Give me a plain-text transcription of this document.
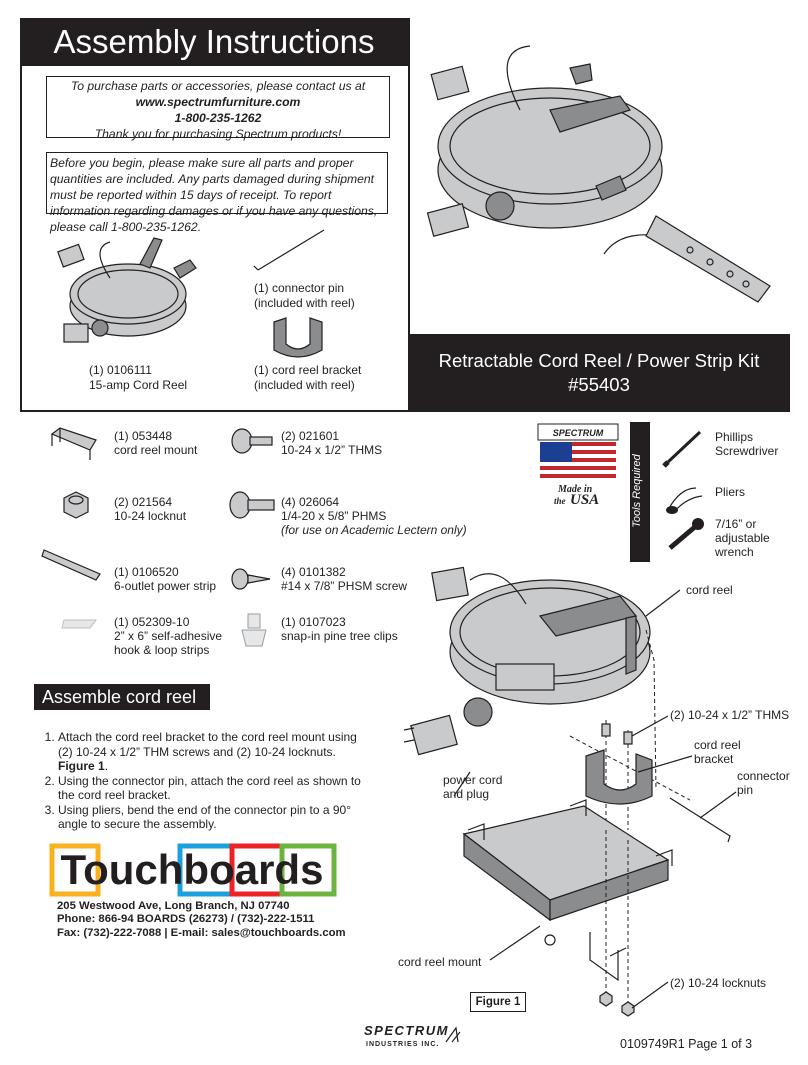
Assembly Instructions
To purchase parts or accessories, please contact us at
www.spectrumfurniture.com
1-800-235-1262
Thank you for purchasing Spectrum products!
Before you begin, please make sure all parts and proper quantities are included. Any parts damaged during shipment must be reported within 15 days of receipt. To report information regarding damages or if you have any questions, please call 1-800-235-1262.
(1) 0106111
15-amp Cord Reel
(1) connector pin
(included with reel)
(1) cord reel bracket
(included with reel)
Retractable Cord Reel / Power Strip Kit
#55403
(1) 053448
cord reel mount
(2) 021601
10-24 x 1/2” THMS
(2) 021564
10-24 locknut
(4) 026064
1/4-20 x 5/8” PHMS
(for use on Academic Lectern only)
(1) 0106520
6-outlet power strip
(4) 0101382
#14 x 7/8” PHSM screw
(1) 052309-10
2” x 6” self-adhesive
hook & loop strips
(1) 0107023
snap-in pine tree clips
SPECTRUM
Made in
the USA	Tools Required
Phillips Screwdriver
Pliers
7/16” or adjustable wrench
Assemble cord reel
1. Attach the cord reel bracket to the cord reel mount using (2) 10-24 x 1/2” THM screws and (2) 10-24 locknuts. Figure 1.
2. Using the connector pin, attach the cord reel as shown to the cord reel bracket.
3. Using pliers, bend the end of the connector pin to a 90° angle to secure the assembly.
Touchboards
205 Westwood Ave, Long Branch, NJ 07740
Phone: 866-94 BOARDS (26273) / (732)-222-1511
Fax: (732)-222-7088 | E-mail: sales@touchboards.com
cord reel
(2) 10-24 x 1/2” THMS
cord reel bracket
connector pin
power cord and plug
cord reel mount
(2) 10-24 locknuts
Figure 1
SPECTRUM
INDUSTRIES INC.	0109749R1 Page 1 of 3
